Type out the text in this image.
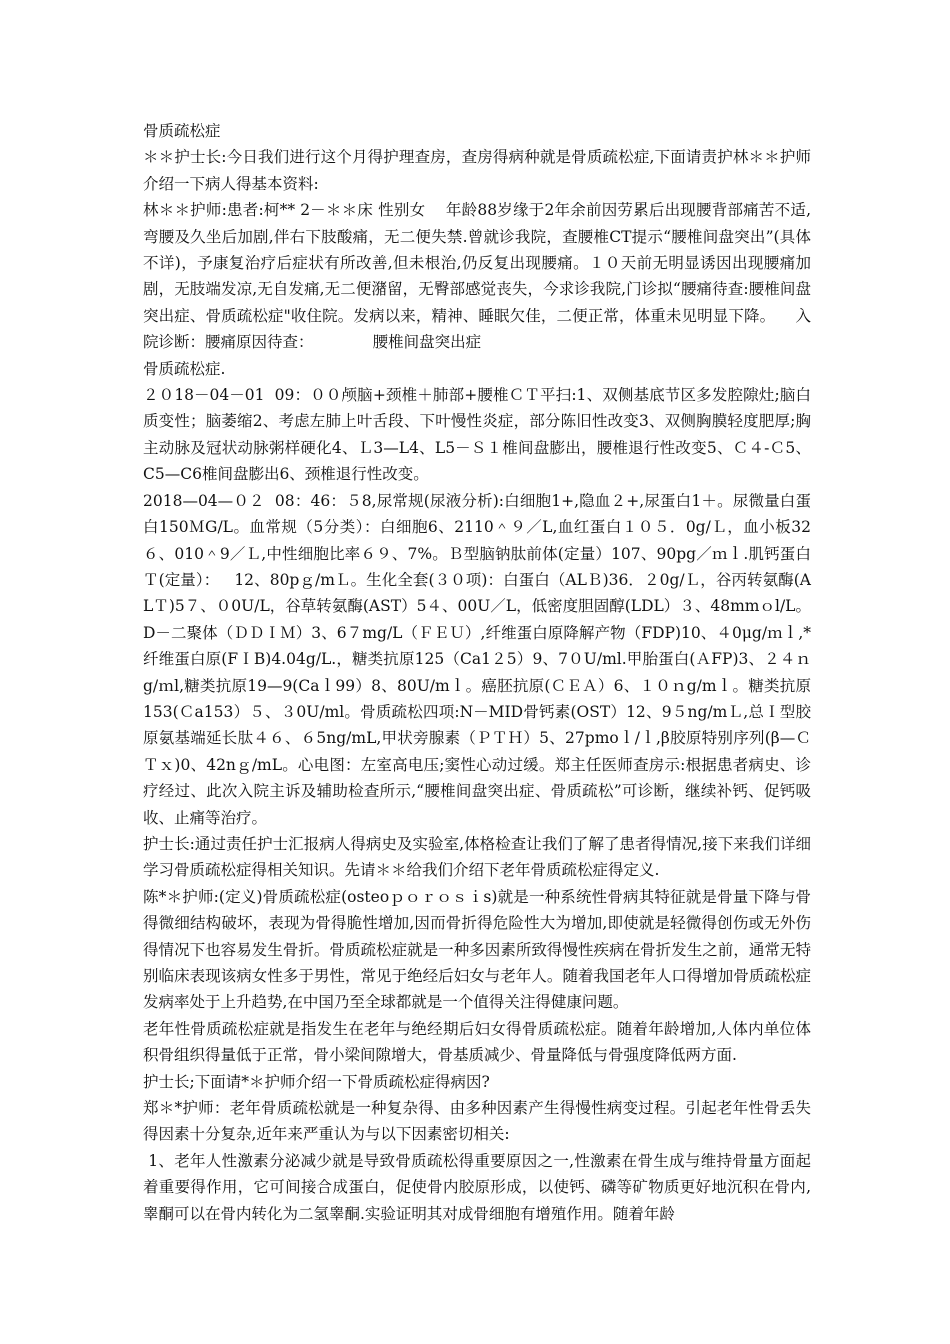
骨质疏松症

＊＊护士长:今日我们进行这个月得护理查房，查房得病种就是骨质疏松症,下面请责护林＊＊护师介绍一下病人得基本资料:

林＊＊护师:患者:柯** 2－＊＊床 性别女    年龄88岁缘于2年余前因劳累后出现腰背部痛苦不适,弯腰及久坐后加剧,伴右下肢酸痛，无二便失禁.曾就诊我院，查腰椎CT提示“腰椎间盘突出”(具体不详)，予康复治疗后症状有所改善,但未根治,仍反复出现腰痛。１０天前无明显诱因出现腰痛加剧，无肢端发凉,无自发痛,无二便潴留，无臀部感觉丧失，今求诊我院,门诊拟“腰痛待查:腰椎间盘突出症、骨质疏松症"收住院。发病以来，精神、睡眠欠佳，二便正常，体重未见明显下降。    入院诊断：腰痛原因待查：            腰椎间盘突出症
骨质疏松症.

２０18－04－01  09：００颅脑+颈椎＋肺部+腰椎ＣＴ平扫:1、双侧基底节区多发腔隙灶;脑白质变性；脑萎缩2、考虑左肺上叶舌段、下叶慢性炎症，部分陈旧性改变3、双侧胸膜轻度肥厚;胸主动脉及冠状动脉粥样硬化4、Ｌ3—L4、L5－Ｓ１椎间盘膨出，腰椎退行性改变5、Ｃ４-Ｃ5、C5—C6椎间盘膨出6、颈椎退行性改变。

2018—04—０２  08：46：５8,尿常规(尿液分析):白细胞1+,隐血２+,尿蛋白1＋。尿微量白蛋白150ＭG/L。血常规（5分类）：白细胞6、2110＾９／L,血红蛋白１０５．0g/Ｌ，血小板32 ６、010＾9／Ｌ,中性细胞比率６９、7%。Ｂ型脑钠肽前体(定量）107、90pg／ｍｌ.肌钙蛋白Ｔ(定量）：   12、80pｇ/mＬ。生化全套(３０项)：白蛋白（ALＢ)36．２0g/Ｌ，谷丙转氨酶(ALＴ)5７、０0U/L，谷草转氨酶(AST）5４、00U／L，低密度胆固醇(LDL）３、48mmｏl/L。D－二聚体（ＤＤＩＭ）3、6７mg/L（ＦＥＵ）,纤维蛋白原降解产物（FDP)10、４0μg/ｍｌ,*纤维蛋白原(FＩB)4.04g/L.，糖类抗原125（Ca1２5）9、7０U/ml.甲胎蛋白(ＡFP)3、２４ｎg/ｍl,糖类抗原19—9(Caｌ99）8、80U/mｌ。癌胚抗原(ＣＥＡ）6、１０ｎg/mｌ。糖类抗原153(Ｃa153）５、３0U/ml。骨质疏松四项:N－MID骨钙素(OST）12、9５ng/mＬ,总Ｉ型胶原氨基端延长肽４６、６5ng/mL,甲状旁腺素（ＰＴＨ）5、27pmoｌ/ｌ,β胶原特别序列(β—ＣＴｘ)0、42nｇ/mL。心电图：左室高电压;窦性心动过缓。郑主任医师查房示:根据患者病史、诊疗经过、此次入院主诉及辅助检查所示,“腰椎间盘突出症、骨质疏松”可诊断，继续补钙、促钙吸收、止痛等治疗。

护士长:通过责任护士汇报病人得病史及实验室,体格检查让我们了解了患者得情况,接下来我们详细学习骨质疏松症得相关知识。先请＊＊给我们介绍下老年骨质疏松症得定义.

陈*＊护师:(定义)骨质疏松症(osteoｐｏｒｏｓｉs)就是一种系统性骨病其特征就是骨量下降与骨得微细结构破坏，表现为骨得脆性增加,因而骨折得危险性大为增加,即使就是轻微得创伤或无外伤得情况下也容易发生骨折。骨质疏松症就是一种多因素所致得慢性疾病在骨折发生之前，通常无特别临床表现该病女性多于男性，常见于绝经后妇女与老年人。随着我国老年人口得增加骨质疏松症发病率处于上升趋势,在中国乃至全球都就是一个值得关注得健康问题。

老年性骨质疏松症就是指发生在老年与绝经期后妇女得骨质疏松症。随着年龄增加,人体内单位体积骨组织得量低于正常，骨小梁间隙增大，骨基质减少、骨量降低与骨强度降低两方面.

护士长;下面请*＊护师介绍一下骨质疏松症得病因?

郑＊*护师：老年骨质疏松就是一种复杂得、由多种因素产生得慢性病变过程。引起老年性骨丢失得因素十分复杂,近年来严重认为与以下因素密切相关:

1、老年人性激素分泌减少就是导致骨质疏松得重要原因之一,性激素在骨生成与维持骨量方面起着重要得作用，它可间接合成蛋白，促使骨内胶原形成，以使钙、磷等矿物质更好地沉积在骨内,睾酮可以在骨内转化为二氢睾酮.实验证明其对成骨细胞有增殖作用。随着年龄
